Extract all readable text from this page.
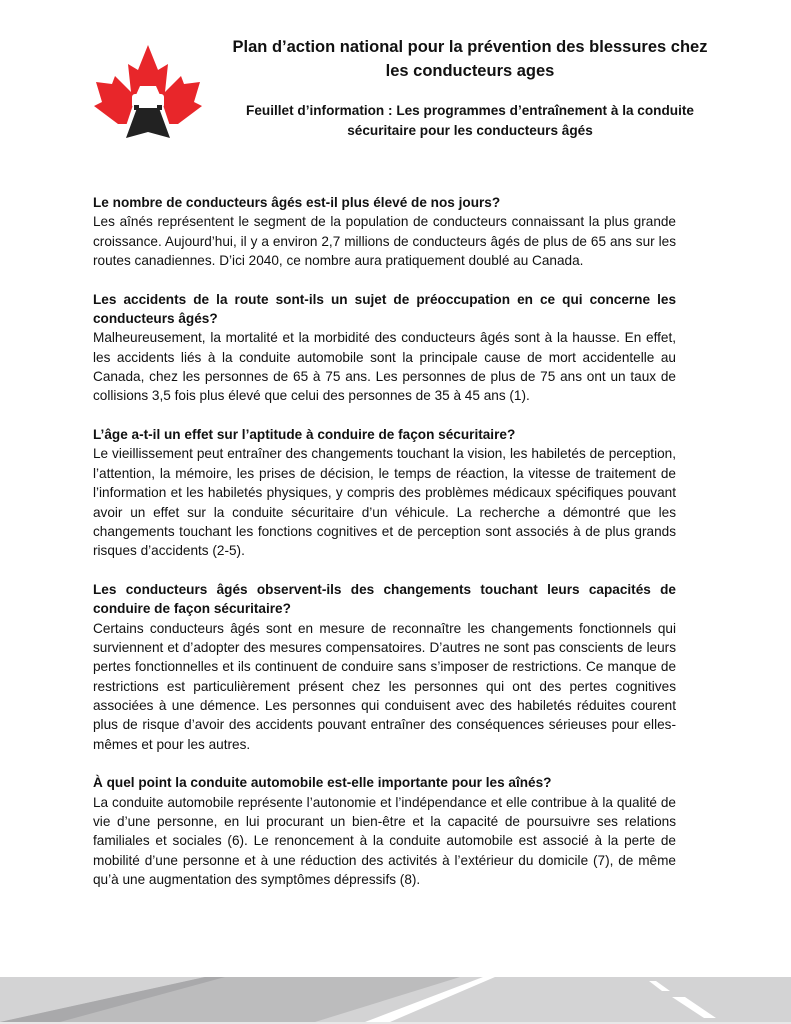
Plan d’action national pour la prévention des blessures chez les conducteurs ages
Feuillet d’information : Les programmes d’entraînement à la conduite sécuritaire pour les conducteurs âgés
Le nombre de conducteurs âgés est-il plus élevé de nos jours?
Les aînés représentent le segment de la population de conducteurs connaissant la plus grande croissance. Aujourd’hui, il y a environ 2,7 millions de conducteurs âgés de plus de 65 ans sur les routes canadiennes. D’ici 2040, ce nombre aura pratiquement doublé au Canada.
Les accidents de la route sont-ils un sujet de préoccupation en ce qui concerne les conducteurs âgés?
Malheureusement, la mortalité et la morbidité des conducteurs âgés sont à la hausse. En effet, les accidents liés à la conduite automobile sont la principale cause de mort accidentelle au Canada, chez les personnes de 65 à 75 ans. Les personnes de plus de 75 ans ont un taux de collisions 3,5 fois plus élevé que celui des personnes de 35 à 45 ans (1).
L’âge a-t-il un effet sur l’aptitude à conduire de façon sécuritaire?
Le vieillissement peut entraîner des changements touchant la vision, les habiletés de perception, l’attention, la mémoire, les prises de décision, le temps de réaction, la vitesse de traitement de l’information et les habiletés physiques, y compris des problèmes médicaux spécifiques pouvant avoir un effet sur la conduite sécuritaire d’un véhicule. La recherche a démontré que les changements touchant les fonctions cognitives et de perception sont associés à de plus grands risques d’accidents (2-5).
Les conducteurs âgés observent-ils des changements touchant leurs capacités de conduire de façon sécuritaire?
Certains conducteurs âgés sont en mesure de reconnaître les changements fonctionnels qui surviennent et d’adopter des mesures compensatoires. D’autres ne sont pas conscients de leurs pertes fonctionnelles et ils continuent de conduire sans s’imposer de restrictions. Ce manque de restrictions est particulièrement présent chez les personnes qui ont des pertes cognitives associées à une démence. Les personnes qui conduisent avec des habiletés réduites courent plus de risque d’avoir des accidents pouvant entraîner des conséquences sérieuses pour elles-mêmes et pour les autres.
À quel point la conduite automobile est-elle importante pour les aînés?
La conduite automobile représente l’autonomie et l’indépendance et elle contribue à la qualité de vie d’une personne, en lui procurant un bien-être et la capacité de poursuivre ses relations familiales et sociales (6). Le renoncement à la conduite automobile est associé à la perte de mobilité d’une personne et à une réduction des activités à l’extérieur du domicile (7), de même qu’à une augmentation des symptômes dépressifs (8).
